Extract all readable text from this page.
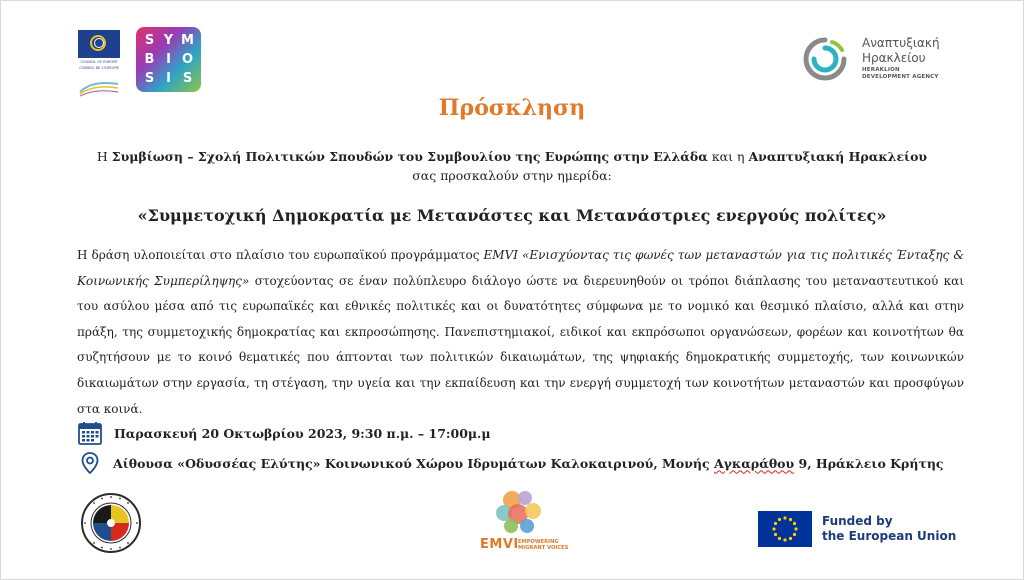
COUNCIL OF EUROPE
CONSEIL DE L'EUROPE
S Y M
B I O
S I S
Αναπτυξιακή
Ηρακλείου
HERAKLION
DEVELOPMENT AGENCY
Πρόσκληση
Η Συμβίωση – Σχολή Πολιτικών Σπουδών του Συμβουλίου της Ευρώπης στην Ελλάδα και η Αναπτυξιακή Ηρακλείου
σας προσκαλούν στην ημερίδα:
«Συμμετοχική Δημοκρατία με Μετανάστες και Μετανάστριες ενεργούς πολίτες»
Η δράση υλοποιείται στο πλαίσιο του ευρωπαϊκού προγράμματος EMVI «Ενισχύοντας τις φωνές των μεταναστών για τις πολιτικές Ένταξης & Κοινωνικής Συμπερίληψης» στοχεύοντας σε έναν πολύπλευρο διάλογο ώστε να διερευνηθούν οι τρόποι διάπλασης του μεταναστευτικού και του ασύλου μέσα από τις ευρωπαϊκές και εθνικές πολιτικές και οι δυνατότητες σύμφωνα με το νομικό και θεσμικό πλαίσιο, αλλά και στην πράξη, της συμμετοχικής δημοκρατίας και εκπροσώπησης. Πανεπιστημιακοί, ειδικοί και εκπρόσωποι οργανώσεων, φορέων και κοινοτήτων θα συζητήσουν με το κοινό θεματικές που άπτονται των πολιτικών δικαιωμάτων, της ψηφιακής δημοκρατικής συμμετοχής, των κοινωνικών δικαιωμάτων στην εργασία, τη στέγαση, την υγεία και την εκπαίδευση και την ενεργή συμμετοχή των κοινοτήτων μεταναστών και προσφύγων στα κοινά.
Παρασκευή 20 Οκτωβρίου 2023, 9:30 π.μ. – 17:00μ.μ
Αίθουσα «Οδυσσέας Ελύτης» Κοινωνικού Χώρου Ιδρυμάτων Καλοκαιρινού, Μονής Αγκαράθου 9, Ηράκλειο Κρήτης
EMVI EMPOWERING
MIGRANT VOICES
Funded by
the European Union
